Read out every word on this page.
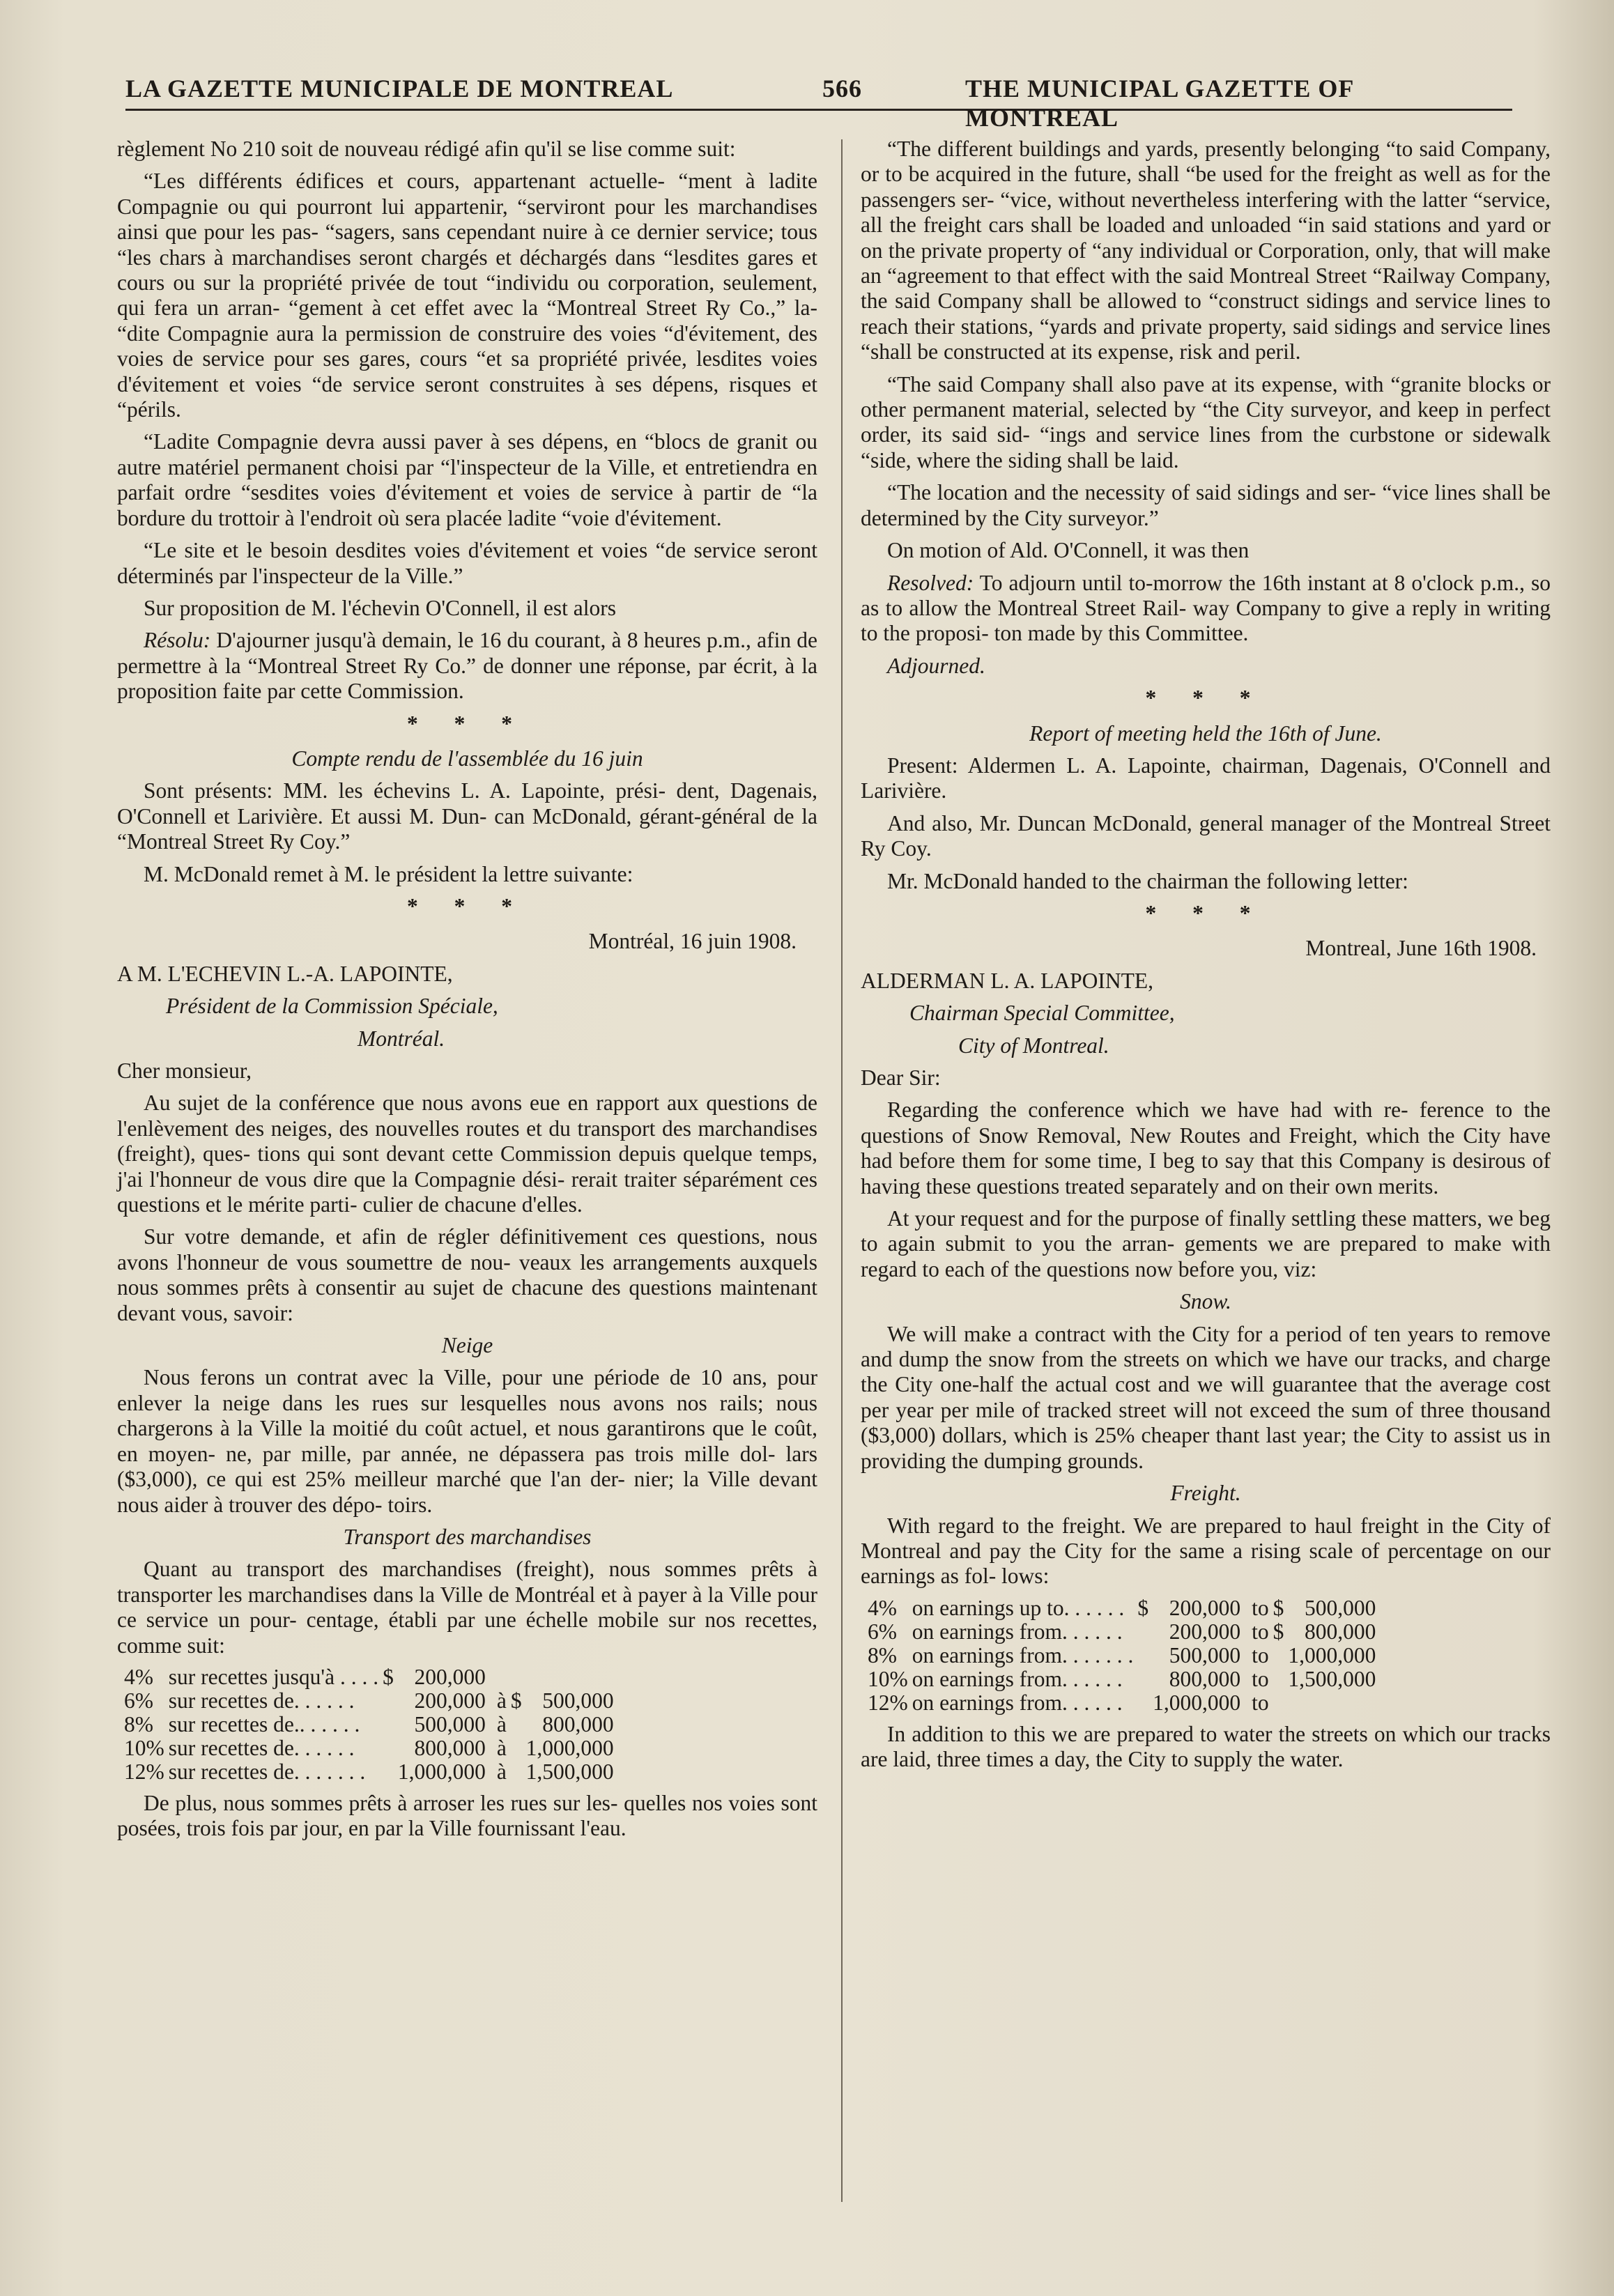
LA GAZETTE MUNICIPALE DE MONTREAL	566	THE MUNICIPAL GAZETTE OF MONTREAL

règlement No 210 soit de nouveau rédigé afin qu'il se lise comme suit:

“Les différents édifices et cours, appartenant actuelle- “ment à ladite Compagnie ou qui pourront lui appartenir, “serviront pour les marchandises ainsi que pour les pas- “sagers, sans cependant nuire à ce dernier service; tous “les chars à marchandises seront chargés et déchargés dans “lesdites gares et cours ou sur la propriété privée de tout “individu ou corporation, seulement, qui fera un arran- “gement à cet effet avec la “Montreal Street Ry Co.,” la- “dite Compagnie aura la permission de construire des voies “d'évitement, des voies de service pour ses gares, cours “et sa propriété privée, lesdites voies d'évitement et voies “de service seront construites à ses dépens, risques et “périls.

“Ladite Compagnie devra aussi paver à ses dépens, en “blocs de granit ou autre matériel permanent choisi par “l'inspecteur de la Ville, et entretiendra en parfait ordre “sesdites voies d'évitement et voies de service à partir de “la bordure du trottoir à l'endroit où sera placée ladite “voie d'évitement.

“Le site et le besoin desdites voies d'évitement et voies “de service seront déterminés par l'inspecteur de la Ville.”

Sur proposition de M. l'échevin O'Connell, il est alors

Résolu: D'ajourner jusqu'à demain, le 16 du courant, à 8 heures p.m., afin de permettre à la “Montreal Street Ry Co.” de donner une réponse, par écrit, à la proposition faite par cette Commission.

* * *

Compte rendu de l'assemblée du 16 juin

Sont présents: MM. les échevins L. A. Lapointe, prési- dent, Dagenais, O'Connell et Larivière. Et aussi M. Dun- can McDonald, gérant-général de la “Montreal Street Ry Coy.”

M. McDonald remet à M. le président la lettre suivante:

* * *

Montréal, 16 juin 1908.

A M. L'ECHEVIN L.-A. LAPOINTE,

Président de la Commission Spéciale,

Montréal.

Cher monsieur,

Au sujet de la conférence que nous avons eue en rapport aux questions de l'enlèvement des neiges, des nouvelles routes et du transport des marchandises (freight), ques- tions qui sont devant cette Commission depuis quelque temps, j'ai l'honneur de vous dire que la Compagnie dési- rerait traiter séparément ces questions et le mérite parti- culier de chacune d'elles.

Sur votre demande, et afin de régler définitivement ces questions, nous avons l'honneur de vous soumettre de nou- veaux les arrangements auxquels nous sommes prêts à consentir au sujet de chacune des questions maintenant devant vous, savoir:

Neige

Nous ferons un contrat avec la Ville, pour une période de 10 ans, pour enlever la neige dans les rues sur lesquelles nous avons nos rails; nous chargerons à la Ville la moitié du coût actuel, et nous garantirons que le coût, en moyen- ne, par mille, par année, ne dépassera pas trois mille dol- lars ($3,000), ce qui est 25% meilleur marché que l'an der- nier; la Ville devant nous aider à trouver des dépo- toirs.

Transport des marchandises

Quant au transport des marchandises (freight), nous sommes prêts à transporter les marchandises dans la Ville de Montréal et à payer à la Ville pour ce service un pour- centage, établi par une échelle mobile sur nos recettes, comme suit:

4%	sur recettes jusqu'à . . . .	$	200,000			
6%	sur recettes de. . . . . .		200,000	à	$	500,000
8%	sur recettes de.. . . . . .		500,000	à		800,000
10%	sur recettes de. . . . . .		800,000	à		1,000,000
12%	sur recettes de. . . . . . .		1,000,000	à		1,500,000

De plus, nous sommes prêts à arroser les rues sur les- quelles nos voies sont posées, trois fois par jour, en par la Ville fournissant l'eau.

“The different buildings and yards, presently belonging “to said Company, or to be acquired in the future, shall “be used for the freight as well as for the passengers ser- “vice, without nevertheless interfering with the latter “service, all the freight cars shall be loaded and unloaded “in said stations and yard or on the private property of “any individual or Corporation, only, that will make an “agreement to that effect with the said Montreal Street “Railway Company, the said Company shall be allowed to “construct sidings and service lines to reach their stations, “yards and private property, said sidings and service lines “shall be constructed at its expense, risk and peril.

“The said Company shall also pave at its expense, with “granite blocks or other permanent material, selected by “the City surveyor, and keep in perfect order, its said sid- “ings and service lines from the curbstone or sidewalk “side, where the siding shall be laid.

“The location and the necessity of said sidings and ser- “vice lines shall be determined by the City surveyor.”

On motion of Ald. O'Connell, it was then

Resolved: To adjourn until to-morrow the 16th instant at 8 o'clock p.m., so as to allow the Montreal Street Rail- way Company to give a reply in writing to the proposi- ton made by this Committee.

Adjourned.

* * *

Report of meeting held the 16th of June.

Present: Aldermen L. A. Lapointe, chairman, Dagenais, O'Connell and Larivière.

And also, Mr. Duncan McDonald, general manager of the Montreal Street Ry Coy.

Mr. McDonald handed to the chairman the following letter:

* * *

Montreal, June 16th 1908.

ALDERMAN L. A. LAPOINTE,

Chairman Special Committee,

City of Montreal.

Dear Sir:

Regarding the conference which we have had with re- ference to the questions of Snow Removal, New Routes and Freight, which the City have had before them for some time, I beg to say that this Company is desirous of having these questions treated separately and on their own merits.

At your request and for the purpose of finally settling these matters, we beg to again submit to you the arran- gements we are prepared to make with regard to each of the questions now before you, viz:

Snow.

We will make a contract with the City for a period of ten years to remove and dump the snow from the streets on which we have our tracks, and charge the City one-half the actual cost and we will guarantee that the average cost per year per mile of tracked street will not exceed the sum of three thousand ($3,000) dollars, which is 25% cheaper thant last year; the City to assist us in providing the dumping grounds.

Freight.

With regard to the freight. We are prepared to haul freight in the City of Montreal and pay the City for the same a rising scale of percentage on our earnings as fol- lows:

4%	on earnings up to. . . . . .	$	200,000	to	$	500,000
6%	on earnings from. . . . . .		200,000	to	$	800,000
8%	on earnings from. . . . . . .		500,000	to		1,000,000
10%	on earnings from. . . . . .		800,000	to		1,500,000
12%	on earnings from. . . . . .		1,000,000	to		

In addition to this we are prepared to water the streets on which our tracks are laid, three times a day, the City to supply the water.
